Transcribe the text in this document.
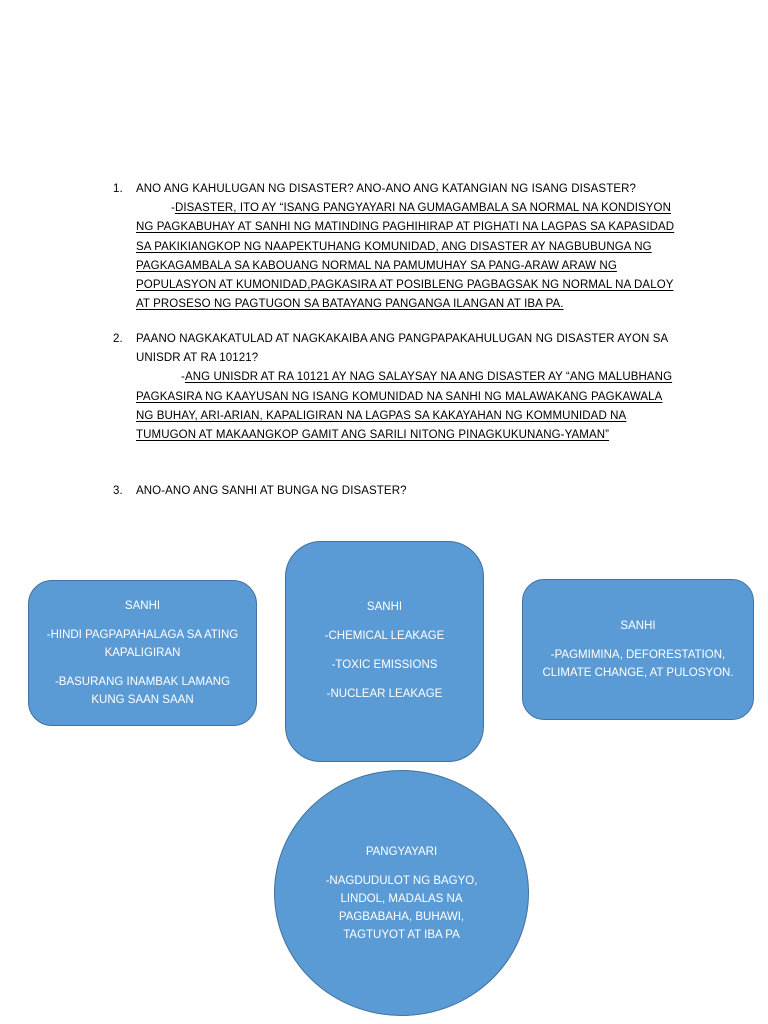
1.	ANO ANG KAHULUGAN NG DISASTER? ANO-ANO ANG KATANGIAN NG ISANG DISASTER?
-DISASTER, ITO AY “ISANG PANGYAYARI NA GUMAGAMBALA SA NORMAL NA KONDISYON
NG PAGKABUHAY AT SANHI NG MATINDING PAGHIHIRAP AT PIGHATI NA LAGPAS SA KAPASIDAD
SA PAKIKIANGKOP NG NAAPEKTUHANG KOMUNIDAD, ANG DISASTER AY NAGBUBUNGA NG
PAGKAGAMBALA SA KABOUANG NORMAL NA PAMUMUHAY SA PANG-ARAW ARAW NG
POPULASYON AT KUMONIDAD,PAGKASIRA AT POSIBLENG PAGBAGSAK NG NORMAL NA DALOY
AT PROSESO NG PAGTUGON SA BATAYANG PANGANGA ILANGAN AT IBA PA.
2.	PAANO NAGKAKATULAD AT NAGKAKAIBA ANG PANGPAPAKAHULUGAN NG DISASTER AYON SA
UNISDR AT RA 10121?
-ANG UNISDR AT RA 10121 AY NAG SALAYSAY NA ANG DISASTER AY “ANG MALUBHANG
PAGKASIRA NG KAAYUSAN NG ISANG KOMUNIDAD NA SANHI NG MALAWAKANG PAGKAWALA
NG BUHAY, ARI-ARIAN, KAPALIGIRAN NA LAGPAS SA KAKAYAHAN NG KOMMUNIDAD NA
TUMUGON AT MAKAANGKOP GAMIT ANG SARILI NITONG PINAGKUKUNANG-YAMAN”
3.	ANO-ANO ANG SANHI AT BUNGA NG DISASTER?

SANHI

-HINDI PAGPAPAHALAGA SA ATING KAPALIGIRAN

-BASURANG INAMBAK LAMANG KUNG SAAN SAAN

SANHI

-CHEMICAL LEAKAGE

-TOXIC EMISSIONS

-NUCLEAR LEAKAGE

SANHI

-PAGMIMINA, DEFORESTATION, CLIMATE CHANGE, AT PULOSYON.

PANGYAYARI

-NAGDUDULOT NG BAGYO, LINDOL, MADALAS NA PAGBABAHA, BUHAWI, TAGTUYOT AT IBA PA
